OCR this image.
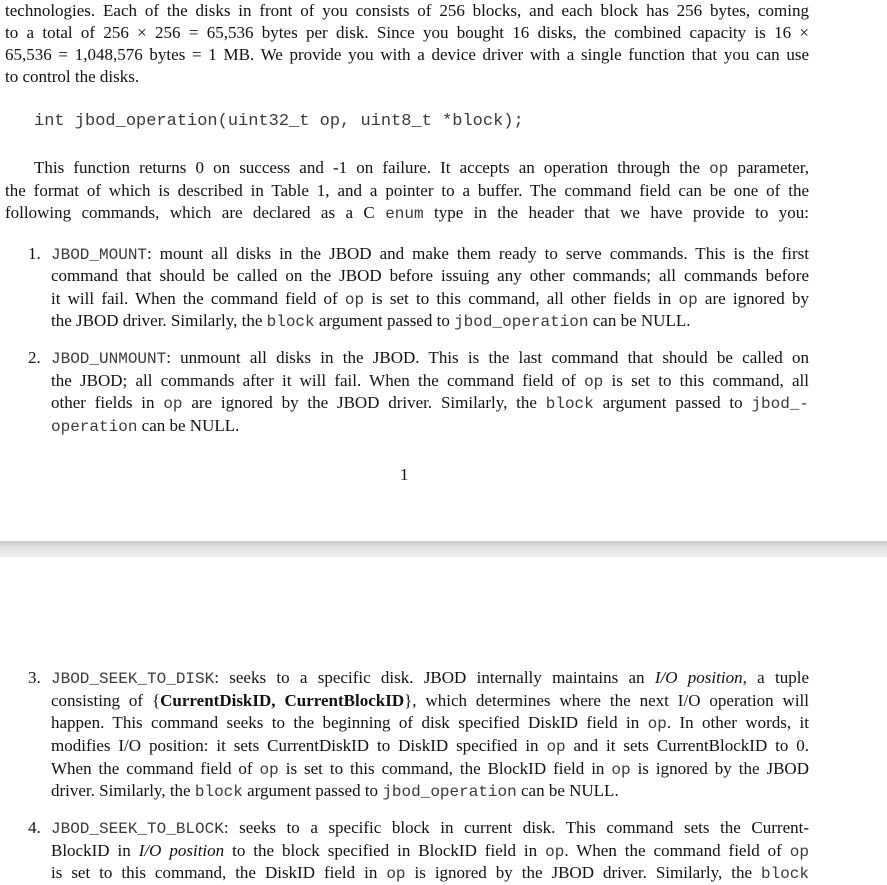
technologies. Each of the disks in front of you consists of 256 blocks, and each block has 256 bytes, coming
to a total of 256 × 256 = 65,536 bytes per disk. Since you bought 16 disks, the combined capacity is 16 ×
65,536 = 1,048,576 bytes = 1 MB. We provide you with a device driver with a single function that you can use
to control the disks.
int jbod_operation(uint32_t op, uint8_t *block);
This function returns 0 on success and -1 on failure. It accepts an operation through the op parameter,
the format of which is described in Table 1, and a pointer to a buffer. The command field can be one of the
following commands, which are declared as a C enum type in the header that we have provide to you:
1. JBOD_MOUNT: mount all disks in the JBOD and make them ready to serve commands. This is the first
command that should be called on the JBOD before issuing any other commands; all commands before
it will fail. When the command field of op is set to this command, all other fields in op are ignored by
the JBOD driver. Similarly, the block argument passed to jbod_operation can be NULL.
2. JBOD_UNMOUNT: unmount all disks in the JBOD. This is the last command that should be called on
the JBOD; all commands after it will fail. When the command field of op is set to this command, all
other fields in op are ignored by the JBOD driver. Similarly, the block argument passed to jbod_-
operation can be NULL.
1
3. JBOD_SEEK_TO_DISK: seeks to a specific disk. JBOD internally maintains an I/O position, a tuple
consisting of {CurrentDiskID, CurrentBlockID}, which determines where the next I/O operation will
happen. This command seeks to the beginning of disk specified DiskID field in op. In other words, it
modifies I/O position: it sets CurrentDiskID to DiskID specified in op and it sets CurrentBlockID to 0.
When the command field of op is set to this command, the BlockID field in op is ignored by the JBOD
driver. Similarly, the block argument passed to jbod_operation can be NULL.
4. JBOD_SEEK_TO_BLOCK: seeks to a specific block in current disk. This command sets the Current-
BlockID in I/O position to the block specified in BlockID field in op. When the command field of op
is set to this command, the DiskID field in op is ignored by the JBOD driver. Similarly, the block
